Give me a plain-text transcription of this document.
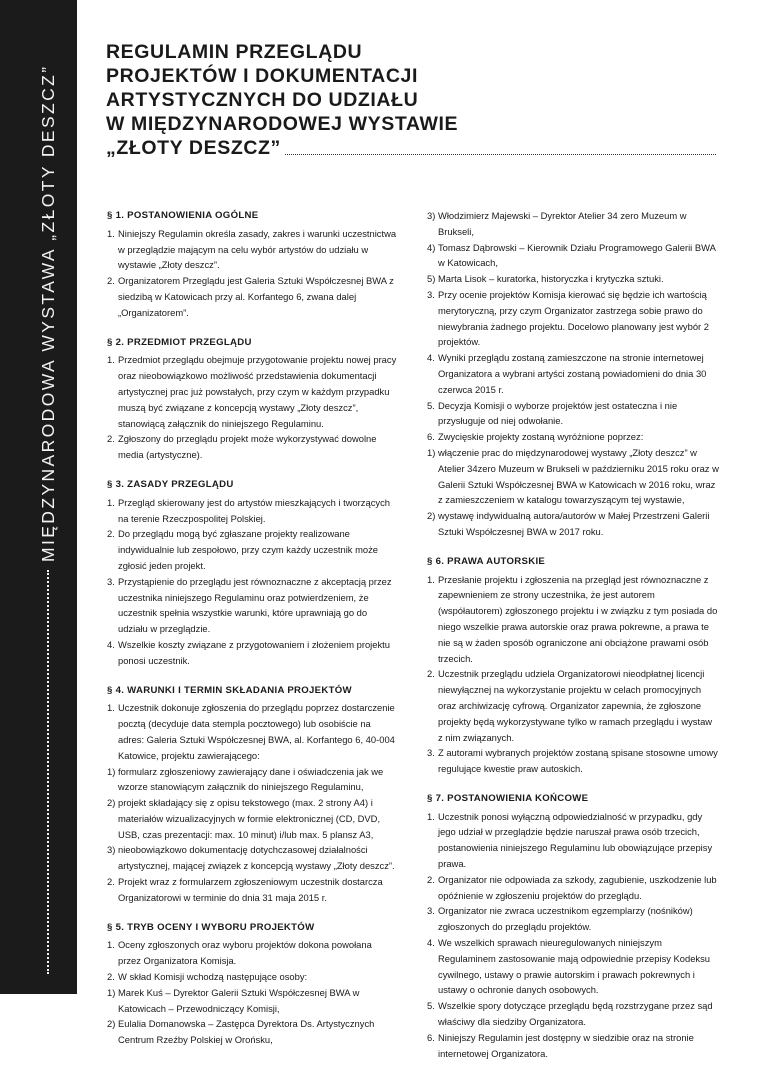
MIĘDZYNARODOWA WYSTAWA „ZŁOTY DESZCZ”
REGULAMIN PRZEGLĄDU
PROJEKTÓW I DOKUMENTACJI
ARTYSTYCZNYCH DO UDZIAŁU
W MIĘDZYNARODOWEJ WYSTAWIE
„ZŁOTY DESZCZ”
§ 1. POSTANOWIENIA OGÓLNE
1. Niniejszy Regulamin określa zasady, zakres i warunki uczestnictwa w przeglądzie mającym na celu wybór artystów do udziału w wystawie „Złoty deszcz”.
2. Organizatorem Przeglądu jest Galeria Sztuki Współczesnej BWA z siedzibą w Katowicach przy al. Korfantego 6, zwana dalej „Organizatorem”.
§ 2. PRZEDMIOT PRZEGLĄDU
1. Przedmiot przeglądu obejmuje przygotowanie projektu nowej pracy oraz nieobowiązkowo możliwość przedstawienia dokumentacji artystycznej prac już powstałych, przy czym w każdym przypadku muszą być związane z koncepcją wystawy „Złoty deszcz”, stanowiącą załącznik do niniejszego Regulaminu.
2. Zgłoszony do przeglądu projekt może wykorzystywać dowolne media (artystyczne).
§ 3. ZASADY PRZEGLĄDU
1. Przegląd skierowany jest do artystów mieszkających i tworzących na terenie Rzeczpospolitej Polskiej.
2. Do przeglądu mogą być zgłaszane projekty realizowane indywidualnie lub zespołowo, przy czym każdy uczestnik może zgłosić jeden projekt.
3. Przystąpienie do przeglądu jest równoznaczne z akceptacją przez uczestnika niniejszego Regulaminu oraz potwierdzeniem, że uczestnik spełnia wszystkie warunki, które uprawniają go do udziału w przeglądzie.
4. Wszelkie koszty związane z przygotowaniem i złożeniem projektu ponosi uczestnik.
§ 4. WARUNKI I TERMIN SKŁADANIA PROJEKTÓW
1. Uczestnik dokonuje zgłoszenia do przeglądu poprzez dostarczenie pocztą (decyduje data stempla pocztowego) lub osobiście na adres: Galeria Sztuki Współczesnej BWA, al. Korfantego 6, 40-004 Katowice, projektu zawierającego:
1) formularz zgłoszeniowy zawierający dane i oświadczenia jak we wzorze stanowiącym załącznik do niniejszego Regulaminu,
2) projekt składający się z opisu tekstowego (max. 2 strony A4) i materiałów wizualizacyjnych w formie elektronicznej (CD, DVD, USB, czas prezentacji: max. 10 minut) i/lub max. 5 plansz A3,
3) nieobowiązkowo dokumentację dotychczasowej działalności artystycznej, mającej związek z koncepcją wystawy „Złoty deszcz”.
2. Projekt wraz z formularzem zgłoszeniowym uczestnik dostarcza Organizatorowi w terminie do dnia 31 maja 2015 r.
§ 5. TRYB OCENY I WYBORU PROJEKTÓW
1. Oceny zgłoszonych oraz wyboru projektów dokona powołana przez Organizatora Komisja.
2. W skład Komisji wchodzą następujące osoby:
1) Marek Kuś – Dyrektor Galerii Sztuki Współczesnej BWA w Katowicach – Przewodniczący Komisji,
2) Eulalia Domanowska – Zastępca Dyrektora Ds. Artystycznych Centrum Rzeźby Polskiej w Orońsku,
3) Włodzimierz Majewski – Dyrektor Atelier 34 zero Muzeum w Brukseli,
4) Tomasz Dąbrowski – Kierownik Działu Programowego Galerii BWA w Katowicach,
5) Marta Lisok – kuratorka, historyczka i krytyczka sztuki.
3. Przy ocenie projektów Komisja kierować się będzie ich wartością merytoryczną, przy czym Organizator zastrzega sobie prawo do niewybrania żadnego projektu. Docelowo planowany jest wybór 2 projektów.
4. Wyniki przeglądu zostaną zamieszczone na stronie internetowej Organizatora a wybrani artyści zostaną powiadomieni do dnia 30 czerwca 2015 r.
5. Decyzja Komisji o wyborze projektów jest ostateczna i nie przysługuje od niej odwołanie.
6. Zwycięskie projekty zostaną wyróżnione poprzez:
1) włączenie prac do międzynarodowej wystawy „Złoty deszcz” w Atelier 34zero Muzeum w Brukseli w październiku 2015 roku oraz w Galerii Sztuki Współczesnej BWA w Katowicach w 2016 roku, wraz z zamieszczeniem w katalogu towarzyszącym tej wystawie,
2) wystawę indywidualną autora/autorów w Małej Przestrzeni Galerii Sztuki Współczesnej BWA w 2017 roku.
§ 6. PRAWA AUTORSKIE
1. Przesłanie projektu i zgłoszenia na przegląd jest równoznaczne z zapewnieniem ze strony uczestnika, że jest autorem (współautorem) zgłoszonego projektu i w związku z tym posiada do niego wszelkie prawa autorskie oraz prawa pokrewne, a prawa te nie są w żaden sposób ograniczone ani obciążone prawami osób trzecich.
2. Uczestnik przeglądu udziela Organizatorowi nieodpłatnej licencji niewyłącznej na wykorzystanie projektu w celach promocyjnych oraz archiwizację cyfrową. Organizator zapewnia, że zgłoszone projekty będą wykorzystywane tylko w ramach przeglądu i wystaw z nim związanych.
3. Z autorami wybranych projektów zostaną spisane stosowne umowy regulujące kwestie praw autoskich.
§ 7. POSTANOWIENIA KOŃCOWE
1. Uczestnik ponosi wyłączną odpowiedzialność w przypadku, gdy jego udział w przeglądzie będzie naruszał prawa osób trzecich, postanowienia niniejszego Regulaminu lub obowiązujące przepisy prawa.
2. Organizator nie odpowiada za szkody, zagubienie, uszkodzenie lub opóźnienie w zgłoszeniu projektów do przeglądu.
3. Organizator nie zwraca uczestnikom egzemplarzy (nośników) zgłoszonych do przeglądu projektów.
4. We wszelkich sprawach nieuregulowanych niniejszym Regulaminem zastosowanie mają odpowiednie przepisy Kodeksu cywilnego, ustawy o prawie autorskim i prawach pokrewnych i ustawy o ochronie danych osobowych.
5. Wszelkie spory dotyczące przeglądu będą rozstrzygane przez sąd właściwy dla siedziby Organizatora.
6. Niniejszy Regulamin jest dostępny w siedzibie oraz na stronie internetowej Organizatora.
